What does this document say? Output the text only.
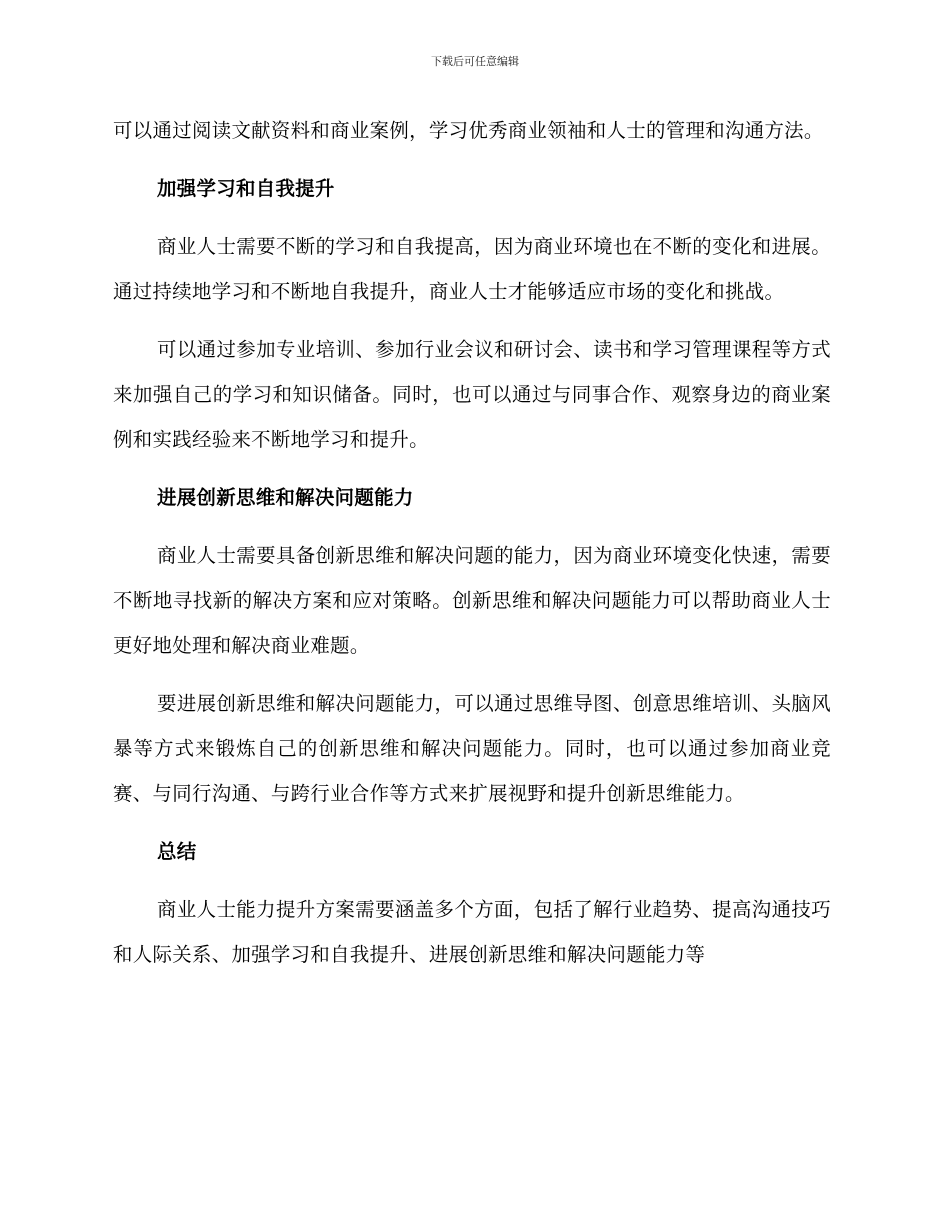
下载后可任意编辑

可以通过阅读文献资料和商业案例，学习优秀商业领袖和人士的管理和沟通方法。

加强学习和自我提升

商业人士需要不断的学习和自我提高，因为商业环境也在不断的变化和进展。通过持续地学习和不断地自我提升，商业人士才能够适应市场的变化和挑战。

可以通过参加专业培训、参加行业会议和研讨会、读书和学习管理课程等方式来加强自己的学习和知识储备。同时，也可以通过与同事合作、观察身边的商业案例和实践经验来不断地学习和提升。

进展创新思维和解决问题能力

商业人士需要具备创新思维和解决问题的能力，因为商业环境变化快速，需要不断地寻找新的解决方案和应对策略。创新思维和解决问题能力可以帮助商业人士更好地处理和解决商业难题。

要进展创新思维和解决问题能力，可以通过思维导图、创意思维培训、头脑风暴等方式来锻炼自己的创新思维和解决问题能力。同时，也可以通过参加商业竞赛、与同行沟通、与跨行业合作等方式来扩展视野和提升创新思维能力。

总结

商业人士能力提升方案需要涵盖多个方面，包括了解行业趋势、提高沟通技巧和人际关系、加强学习和自我提升、进展创新思维和解决问题能力等
